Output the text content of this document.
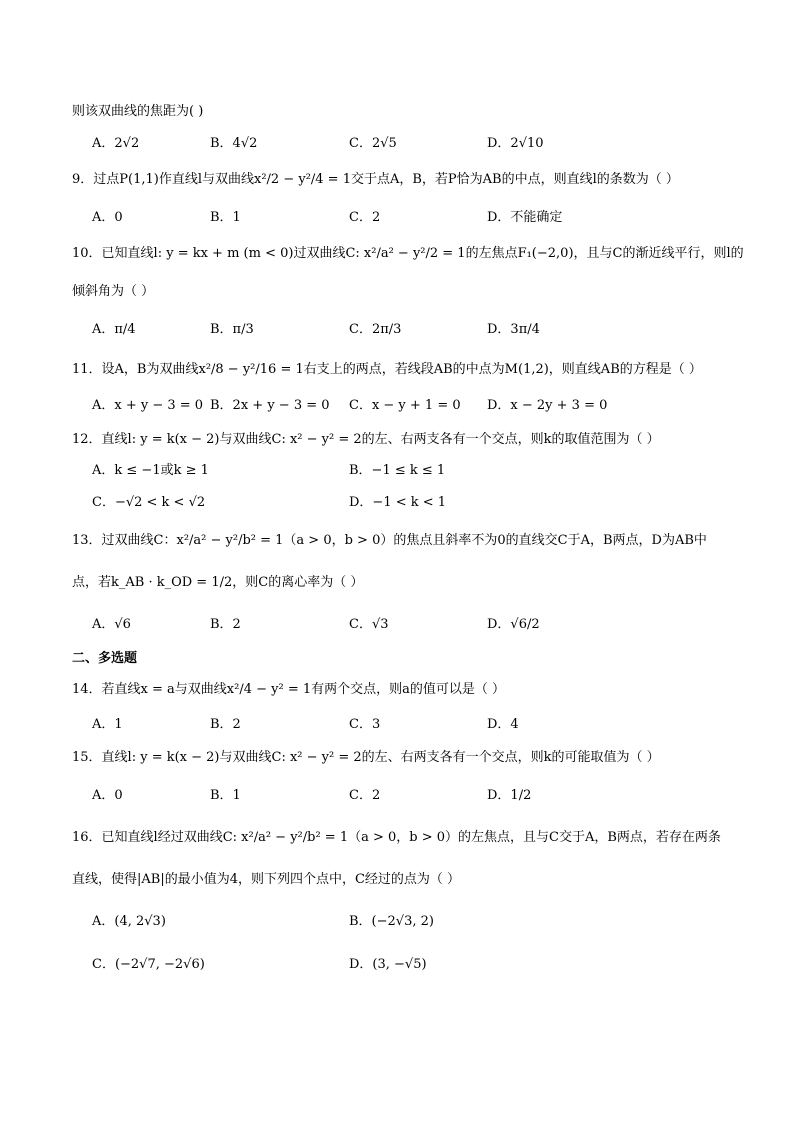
则该双曲线的焦距为( )
A．2√2	B．4√2	C．2√5	D．2√10
9．过点P(1,1)作直线l与双曲线x²/2 − y²/4 = 1交于点A，B，若P恰为AB的中点，则直线l的条数为（ ）
A．0	B．1	C．2	D．不能确定
10．已知直线l: y = kx + m (m < 0)过双曲线C: x²/a² − y²/2 = 1的左焦点F₁(−2,0)，且与C的渐近线平行，则l的
倾斜角为（ ）
A．π/4	B．π/3	C．2π/3	D．3π/4
11．设A，B为双曲线x²/8 − y²/16 = 1右支上的两点，若线段AB的中点为M(1,2)，则直线AB的方程是（ ）
A．x + y − 3 = 0 B．2x + y − 3 = 0 C．x − y + 1 = 0 D．x − 2y + 3 = 0
12．直线l: y = k(x − 2)与双曲线C: x² − y² = 2的左、右两支各有一个交点，则k的取值范围为（ ）
A．k ≤ −1或k ≥ 1	B．−1 ≤ k ≤ 1
C．−√2 < k < √2	D．−1 < k < 1
13．过双曲线C：x²/a² − y²/b² = 1（a > 0，b > 0）的焦点且斜率不为0的直线交C于A，B两点，D为AB中
点，若k_AB · k_OD = 1/2，则C的离心率为（ ）
A．√6	B．2	C．√3	D．√6/2
二、多选题
14．若直线x = a与双曲线x²/4 − y² = 1有两个交点，则a的值可以是（ ）
A．1	B．2	C．3	D．4
15．直线l: y = k(x − 2)与双曲线C: x² − y² = 2的左、右两支各有一个交点，则k的可能取值为（ ）
A．0	B．1	C．2	D．1/2
16．已知直线l经过双曲线C: x²/a² − y²/b² = 1（a > 0，b > 0）的左焦点，且与C交于A，B两点，若存在两条
直线，使得|AB|的最小值为4，则下列四个点中，C经过的点为（ ）
A．(4, 2√3)	B．(−2√3, 2)
C．(−2√7, −2√6)	D．(3, −√5)
